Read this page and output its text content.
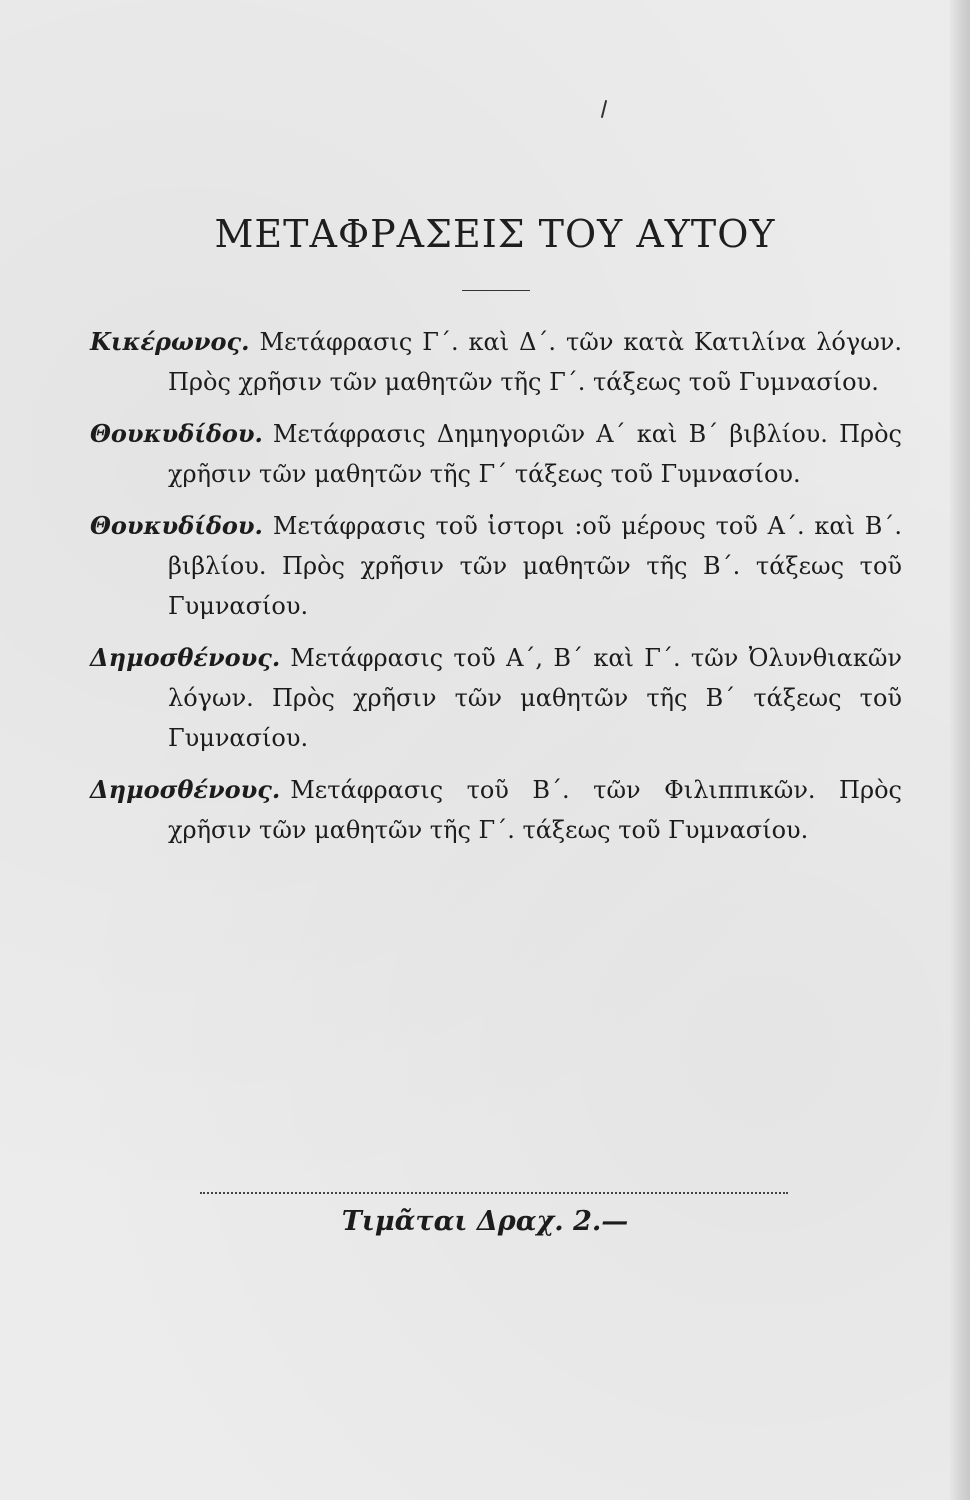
ΜΕΤΑΦΡΑΣΕΙΣ ΤΟΥ ΑΥΤΟΥ

Κικέρωνος. Μετάφρασις Γ΄. καὶ Δ΄. τῶν κατὰ Κατιλίνα λόγων. Πρὸς χρῆσιν τῶν μαθητῶν τῆς Γ΄. τάξεως τοῦ Γυμνασίου.

Θουκυδίδου. Μετάφρασις Δημηγοριῶν Α΄ καὶ Β΄ βιβλίου. Πρὸς χρῆσιν τῶν μαθητῶν τῆς Γ΄ τάξεως τοῦ Γυμνασίου.

Θουκυδίδου. Μετάφρασις τοῦ ἱστορι :οῦ μέρους τοῦ Α΄. καὶ Β΄. βιβλίου. Πρὸς χρῆσιν τῶν μαθητῶν τῆς Β΄. τάξεως τοῦ Γυμνασίου.

Δημοσθένους. Μετάφρασις τοῦ Α΄, Β΄ καὶ Γ΄. τῶν Ὀλυνθιακῶν λόγων. Πρὸς χρῆσιν τῶν μαθητῶν τῆς Β΄ τάξεως τοῦ Γυμνασίου.

Δημοσθένους. Μετάφρασις τοῦ Β΄. τῶν Φιλιππικῶν. Πρὸς χρῆσιν τῶν μαθητῶν τῆς Γ΄. τάξεως τοῦ Γυμνασίου.

Τιμᾶται Δραχ. 2.—
